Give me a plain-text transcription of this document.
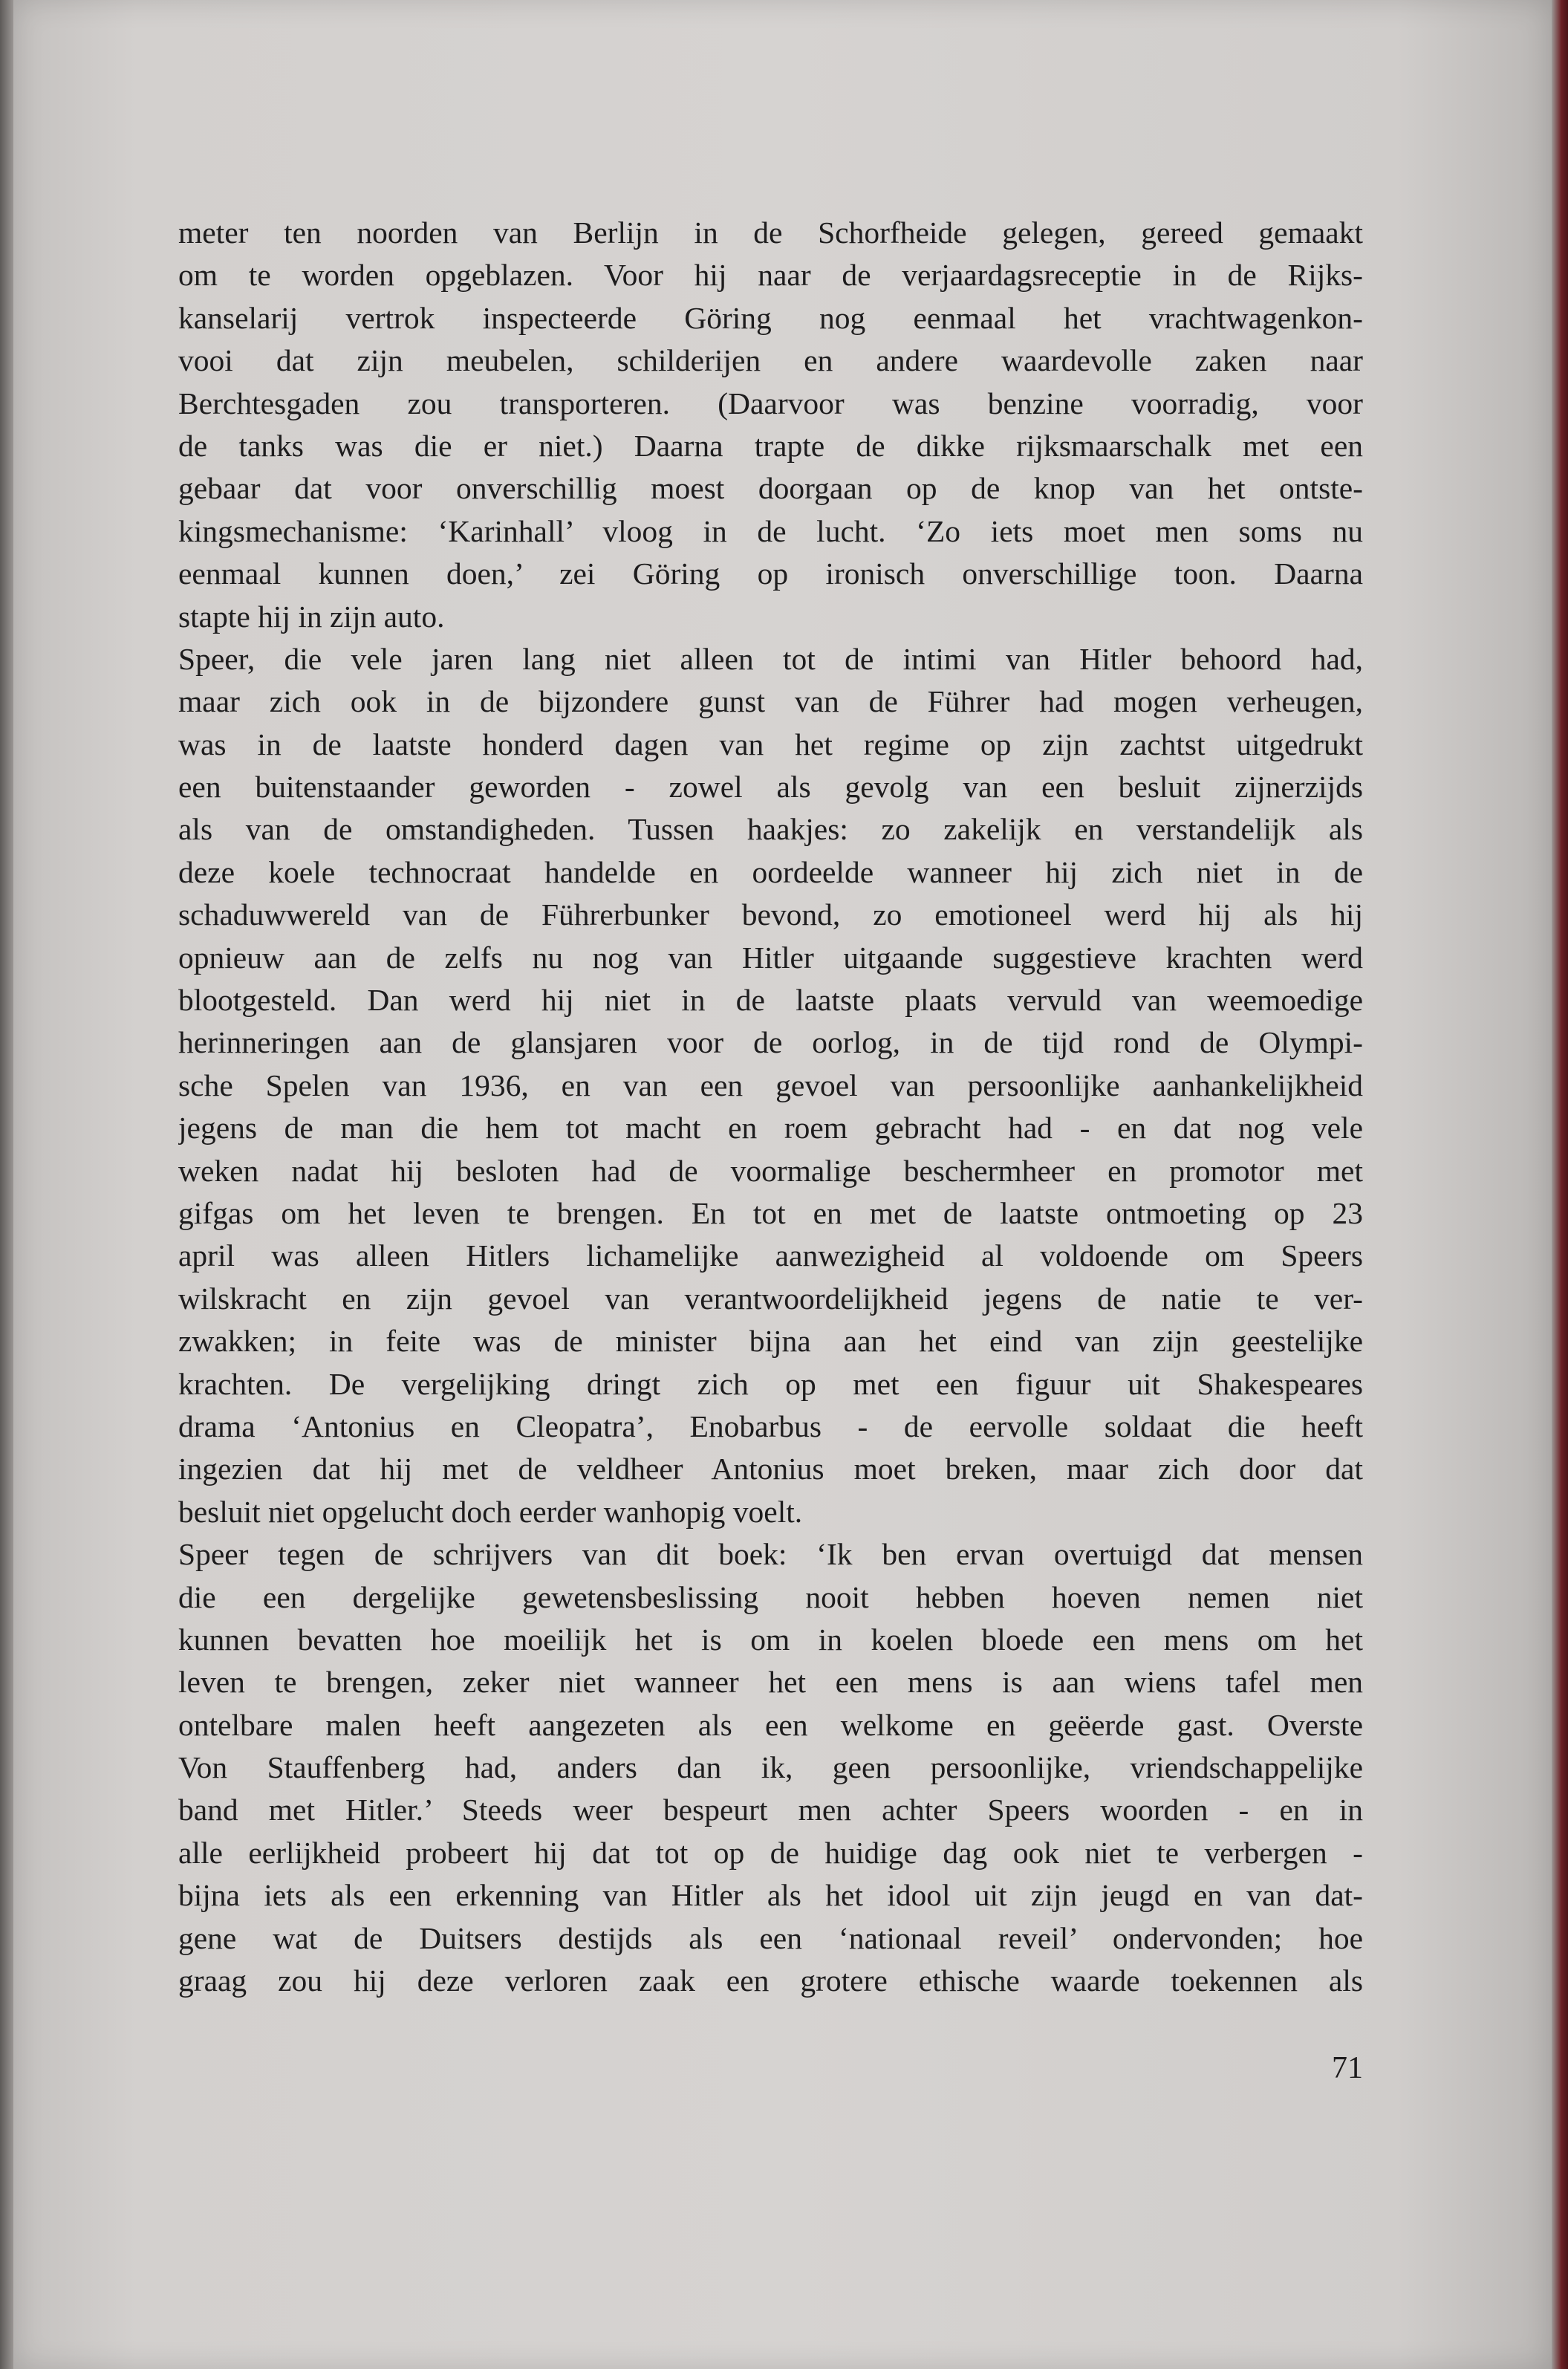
meter ten noorden van Berlijn in de Schorfheide gelegen, gereed gemaakt
om te worden opgeblazen. Voor hij naar de verjaardagsreceptie in de Rijks-
kanselarij vertrok inspecteerde Göring nog eenmaal het vrachtwagenkon-
vooi dat zijn meubelen, schilderijen en andere waardevolle zaken naar
Berchtesgaden zou transporteren. (Daarvoor was benzine voorradig, voor
de tanks was die er niet.) Daarna trapte de dikke rijksmaarschalk met een
gebaar dat voor onverschillig moest doorgaan op de knop van het ontste-
kingsmechanisme: ‘Karinhall’ vloog in de lucht. ‘Zo iets moet men soms nu
eenmaal kunnen doen,’ zei Göring op ironisch onverschillige toon. Daarna
stapte hij in zijn auto.
Speer, die vele jaren lang niet alleen tot de intimi van Hitler behoord had,
maar zich ook in de bijzondere gunst van de Führer had mogen verheugen,
was in de laatste honderd dagen van het regime op zijn zachtst uitgedrukt
een buitenstaander geworden - zowel als gevolg van een besluit zijnerzijds
als van de omstandigheden. Tussen haakjes: zo zakelijk en verstandelijk als
deze koele technocraat handelde en oordeelde wanneer hij zich niet in de
schaduwwereld van de Führerbunker bevond, zo emotioneel werd hij als hij
opnieuw aan de zelfs nu nog van Hitler uitgaande suggestieve krachten werd
blootgesteld. Dan werd hij niet in de laatste plaats vervuld van weemoedige
herinneringen aan de glansjaren voor de oorlog, in de tijd rond de Olympi-
sche Spelen van 1936, en van een gevoel van persoonlijke aanhankelijkheid
jegens de man die hem tot macht en roem gebracht had - en dat nog vele
weken nadat hij besloten had de voormalige beschermheer en promotor met
gifgas om het leven te brengen. En tot en met de laatste ontmoeting op 23
april was alleen Hitlers lichamelijke aanwezigheid al voldoende om Speers
wilskracht en zijn gevoel van verantwoordelijkheid jegens de natie te ver-
zwakken; in feite was de minister bijna aan het eind van zijn geestelijke
krachten. De vergelijking dringt zich op met een figuur uit Shakespeares
drama ‘Antonius en Cleopatra’, Enobarbus - de eervolle soldaat die heeft
ingezien dat hij met de veldheer Antonius moet breken, maar zich door dat
besluit niet opgelucht doch eerder wanhopig voelt.
Speer tegen de schrijvers van dit boek: ‘Ik ben ervan overtuigd dat mensen
die een dergelijke gewetensbeslissing nooit hebben hoeven nemen niet
kunnen bevatten hoe moeilijk het is om in koelen bloede een mens om het
leven te brengen, zeker niet wanneer het een mens is aan wiens tafel men
ontelbare malen heeft aangezeten als een welkome en geëerde gast. Overste
Von Stauffenberg had, anders dan ik, geen persoonlijke, vriendschappelijke
band met Hitler.’ Steeds weer bespeurt men achter Speers woorden - en in
alle eerlijkheid probeert hij dat tot op de huidige dag ook niet te verbergen -
bijna iets als een erkenning van Hitler als het idool uit zijn jeugd en van dat-
gene wat de Duitsers destijds als een ‘nationaal reveil’ ondervonden; hoe
graag zou hij deze verloren zaak een grotere ethische waarde toekennen als
71
